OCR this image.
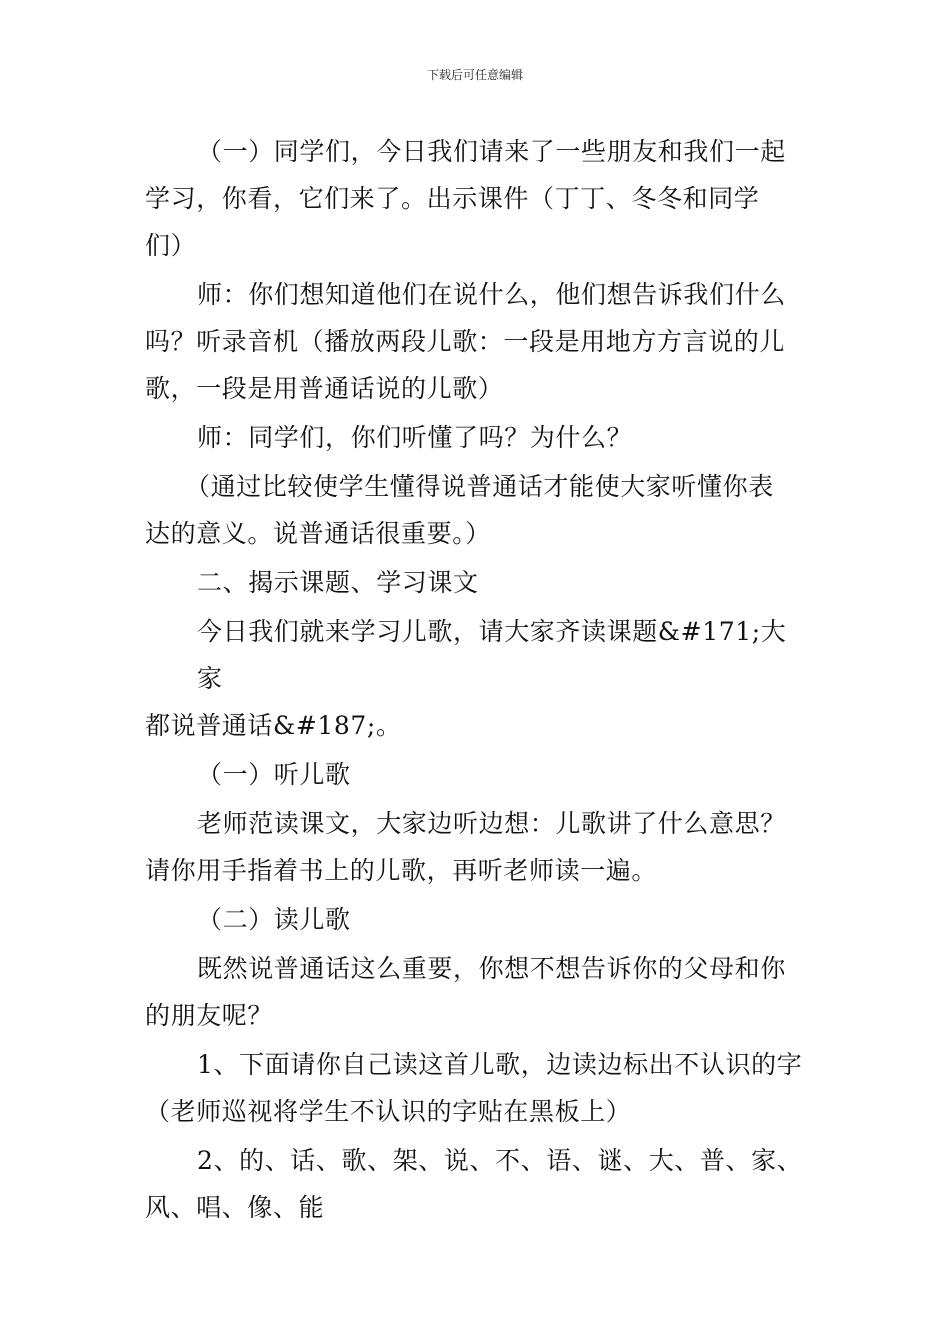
下载后可任意编辑

（一）同学们，今日我们请来了一些朋友和我们一起

学习，你看，它们来了。出示课件（丁丁、冬冬和同学
们）

师：你们想知道他们在说什么，他们想告诉我们什么
吗？听录音机（播放两段儿歌：一段是用地方方言说的儿
歌，一段是用普通话说的儿歌）

师：同学们，你们听懂了吗？为什么？

（通过比较使学生懂得说普通话才能使大家听懂你表
达的意义。说普通话很重要。）

二、揭示课题、学习课文

今日我们就来学习儿歌，请大家齐读课题&#171;大家
都说普通话&#187;。

（一）听儿歌

老师范读课文，大家边听边想：儿歌讲了什么意思？
请你用手指着书上的儿歌，再听老师读一遍。

（二）读儿歌

既然说普通话这么重要，你想不想告诉你的父母和你
的朋友呢？

1、下面请你自己读这首儿歌，边读边标出不认识的字
（老师巡视将学生不认识的字贴在黑板上）

2、的、话、歌、架、说、不、语、谜、大、普、家、
风、唱、像、能
